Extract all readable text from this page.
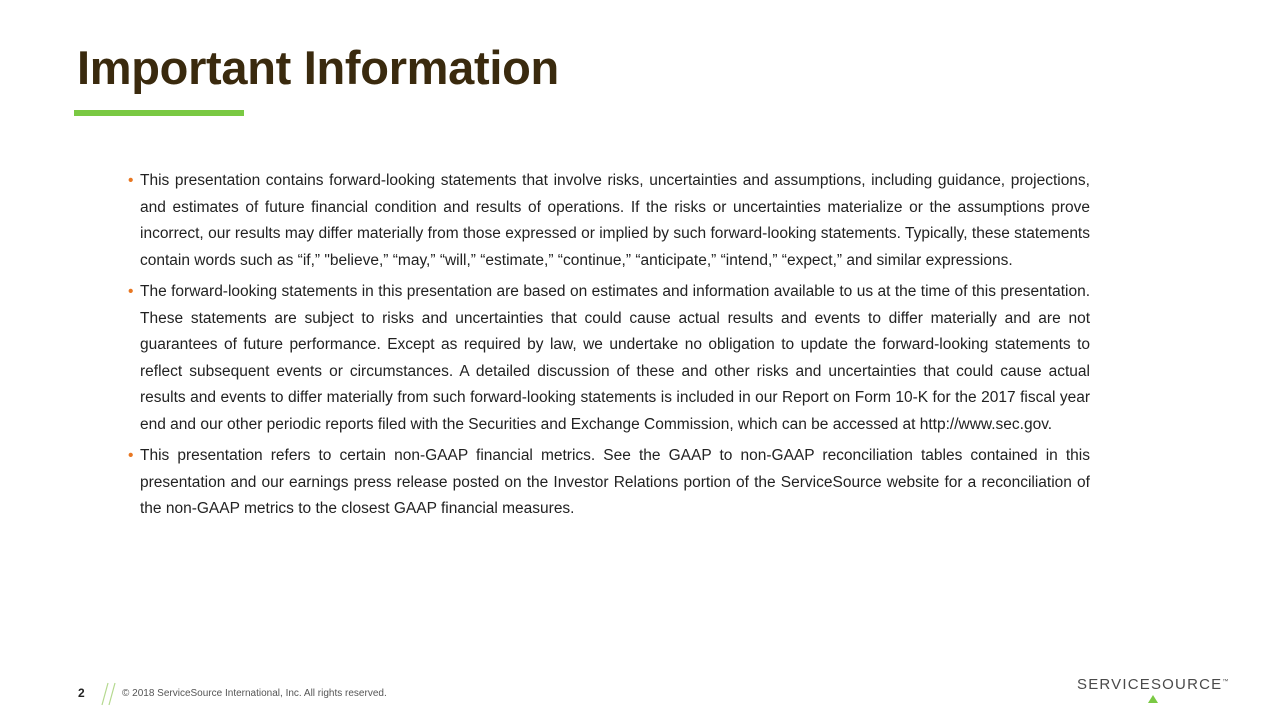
Important Information
• This presentation contains forward-looking statements that involve risks, uncertainties and assumptions, including guidance, projections, and estimates of future financial condition and results of operations. If the risks or uncertainties materialize or the assumptions prove incorrect, our results may differ materially from those expressed or implied by such forward-looking statements. Typically, these statements contain words such as “if,” "believe,” “may,” “will,” “estimate,” “continue,” “anticipate,” “intend,” “expect,” and similar expressions.
• The forward-looking statements in this presentation are based on estimates and information available to us at the time of this presentation. These statements are subject to risks and uncertainties that could cause actual results and events to differ materially and are not guarantees of future performance. Except as required by law, we undertake no obligation to update the forward-looking statements to reflect subsequent events or circumstances. A detailed discussion of these and other risks and uncertainties that could cause actual results and events to differ materially from such forward-looking statements is included in our Report on Form 10-K for the 2017 fiscal year end and our other periodic reports filed with the Securities and Exchange Commission, which can be accessed at http://www.sec.gov.
• This presentation refers to certain non-GAAP financial metrics. See the GAAP to non-GAAP reconciliation tables contained in this presentation and our earnings press release posted on the Investor Relations portion of the ServiceSource website for a reconciliation of the non-GAAP metrics to the closest GAAP financial measures.
2	© 2018 ServiceSource International, Inc. All rights reserved.
SERVICESOURCE™
